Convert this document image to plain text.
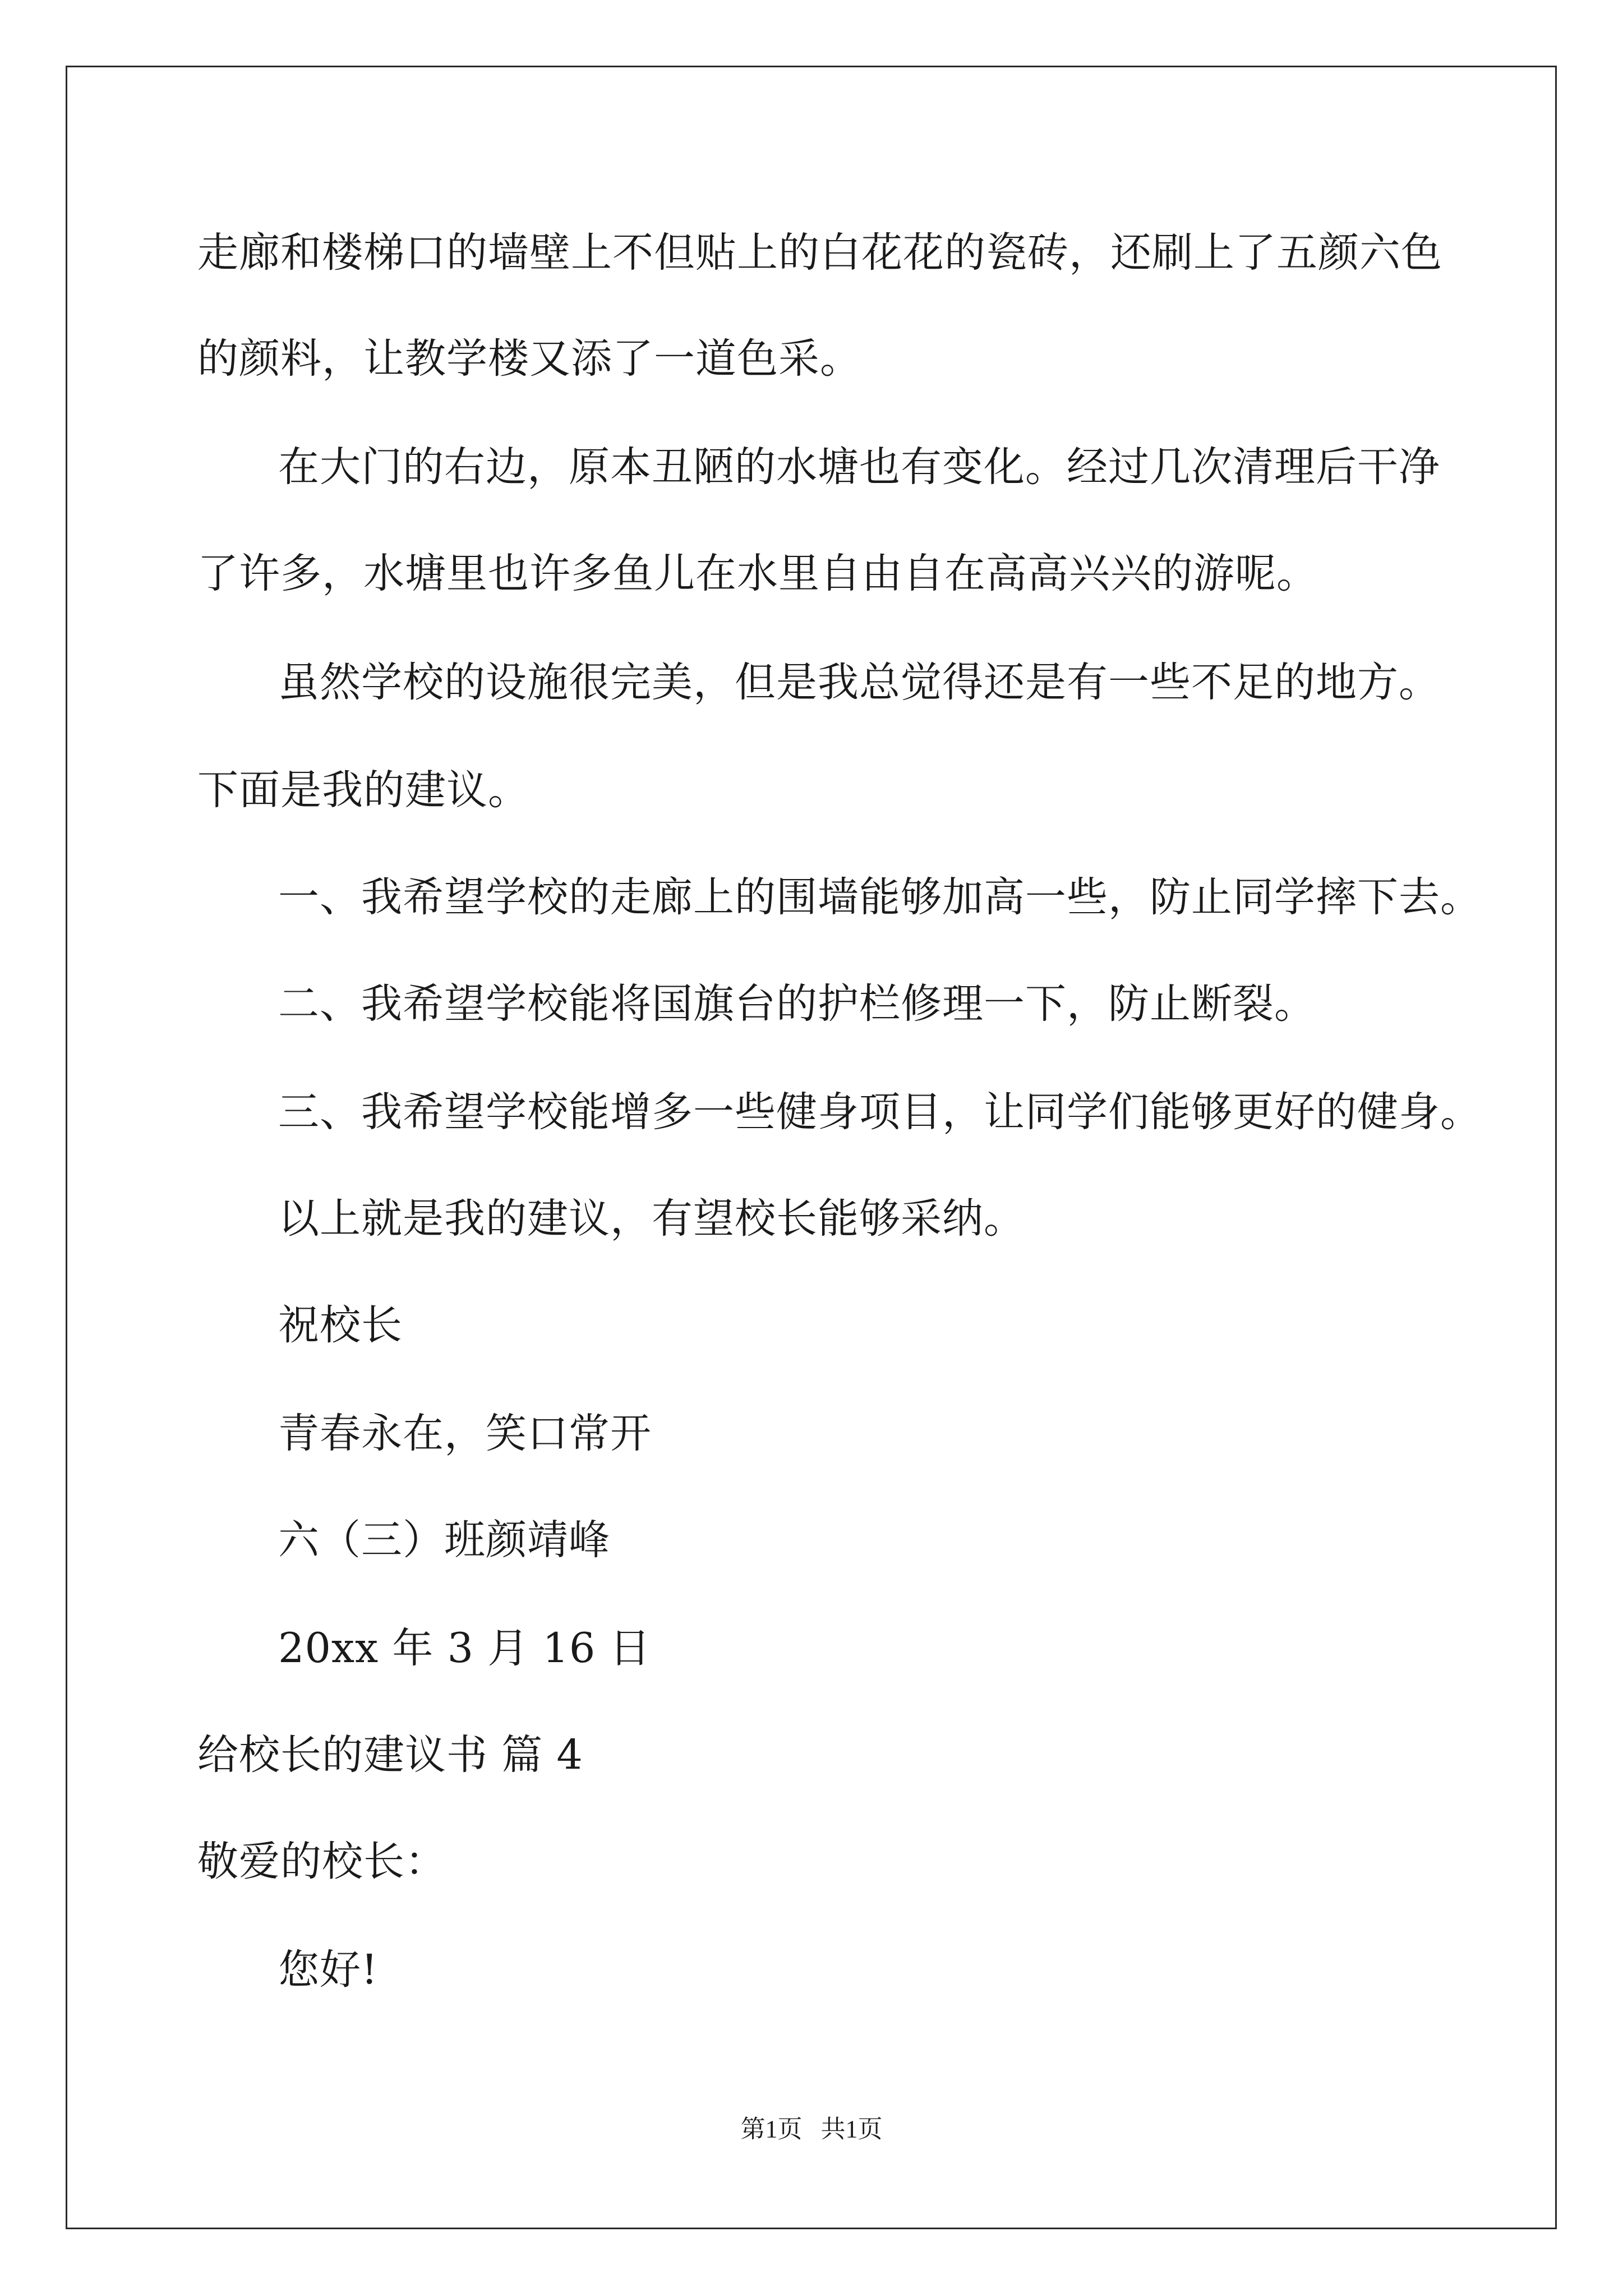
走廊和楼梯口的墙壁上不但贴上的白花花的瓷砖，还刷上了五颜六色
的颜料，让教学楼又添了一道色采。
在大门的右边，原本丑陋的水塘也有变化。经过几次清理后干净
了许多，水塘里也许多鱼儿在水里自由自在高高兴兴的游呢。
虽然学校的设施很完美，但是我总觉得还是有一些不足的地方。
下面是我的建议。
一、我希望学校的走廊上的围墙能够加高一些，防止同学摔下去。
二、我希望学校能将国旗台的护栏修理一下，防止断裂。
三、我希望学校能增多一些健身项目，让同学们能够更好的健身。
以上就是我的建议，有望校长能够采纳。
祝校长
青春永在，笑口常开
六（三）班颜靖峰
20xx 年 3 月 16 日
给校长的建议书 篇 4
敬爱的校长：
您好!
第1页   共1页
